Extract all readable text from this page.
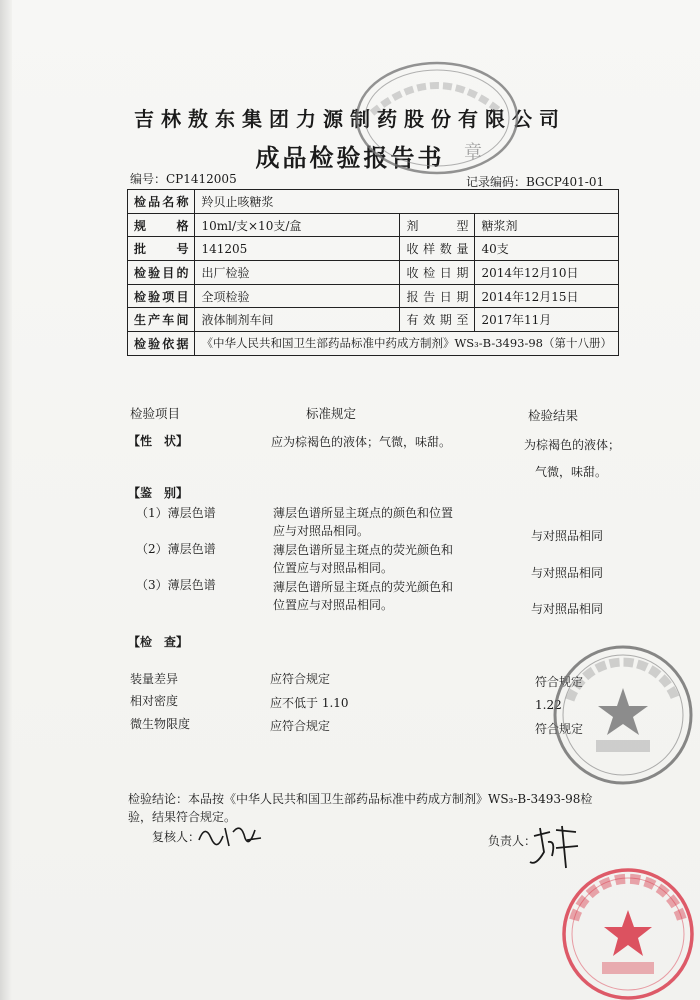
吉林敖东集团力源制药股份有限公司
成品检验报告书	章
编号：CP1412005	记录编码：BGCP401-01
检品名称	羚贝止咳糖浆		
规　格	10ml/支×10支/盒	剂　型	糖浆剂
批　号	141205	收样数量	40支
检验目的	出厂检验	收检日期	2014年12月10日
检验项目	全项检验	报告日期	2014年12月15日
生产车间	液体制剂车间	有效期至	2017年11月
检验依据	《中华人民共和国卫生部药品标准中药成方制剂》WS₃-B-3493-98（第十八册）		
检验项目	标准规定	检验结果
【性　状】	应为棕褐色的液体；气微，味甜。	为棕褐色的液体；
气微，味甜。
【鉴　别】
（1）薄层色谱	薄层色谱所显主斑点的颜色和位置
应与对照品相同。	与对照品相同
（2）薄层色谱	薄层色谱所显主斑点的荧光颜色和
位置应与对照品相同。	与对照品相同
（3）薄层色谱	薄层色谱所显主斑点的荧光颜色和
位置应与对照品相同。	与对照品相同
【检　查】
装量差异	应符合规定	符合规定
相对密度	应不低于 1.10	1.22
微生物限度	应符合规定	符合规定
检验结论：本品按《中华人民共和国卫生部药品标准中药成方制剂》WS₃-B-3493-98检验，结果符合规定。
复核人：	负责人：
